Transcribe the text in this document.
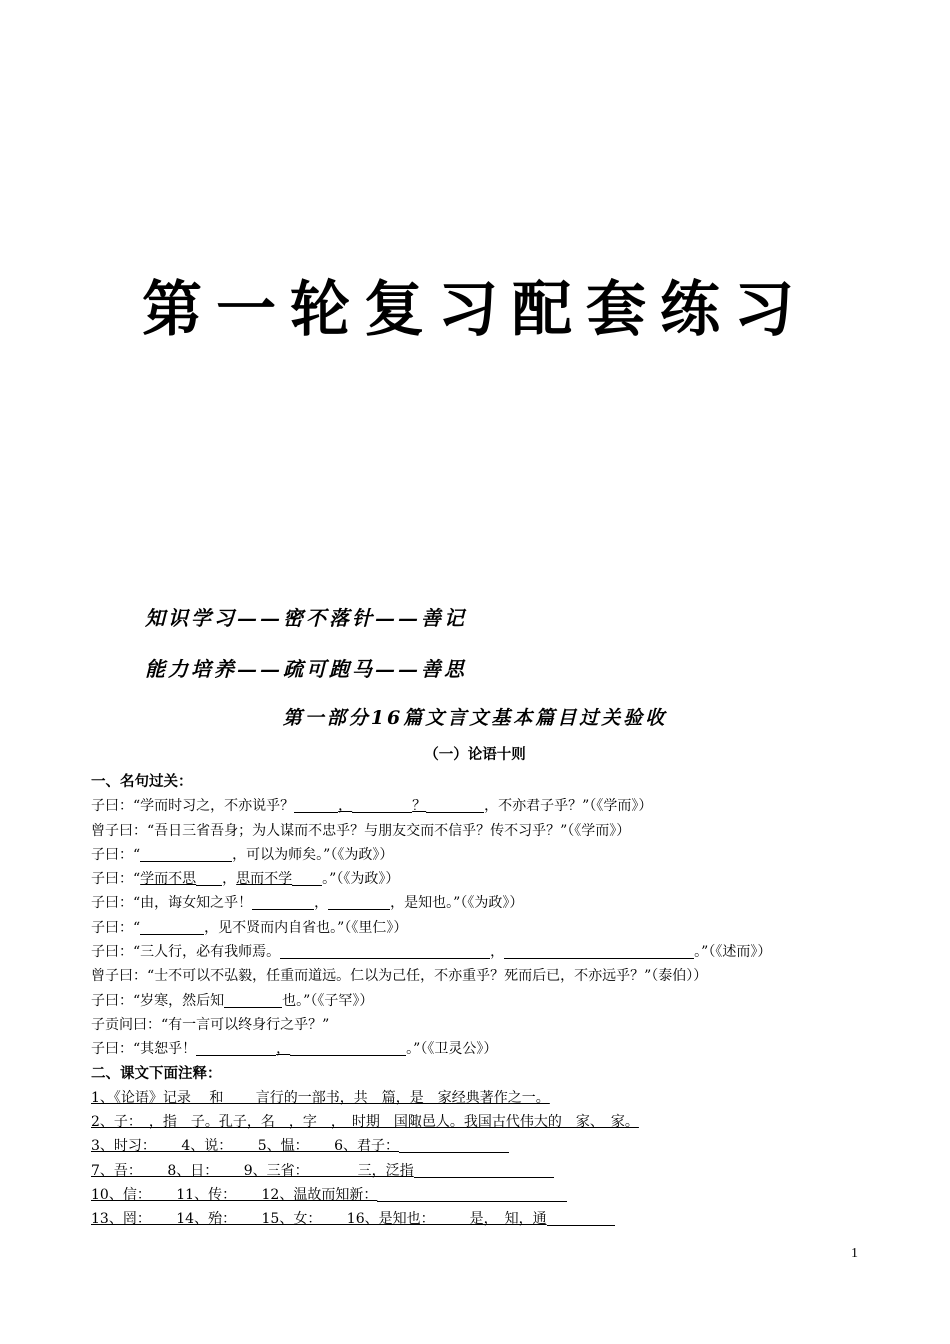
第一轮复习配套练习
知识学习——密不落针——善记
能力培养——疏可跑马——善思
第一部分16篇文言文基本篇目过关验收
（一）论语十则
一、名句过关：
子曰：“学而时习之，不亦说乎？	，	？	，不亦君子乎？”（《学而》）
曾子曰：“吾日三省吾身；为人谋而不忠乎？与朋友交而不信乎？传不习乎？”（《学而》）
子曰：“	，可以为师矣。”（《为政》）
子曰：“学而不思 ，思而不学 。”（《为政》）
子曰：“由，诲女知之乎！	，	，是知也。”（《为政》）
子曰：“	，见不贤而内自省也。”（《里仁》）
子曰：“三人行，必有我师焉。	，	。”（《述而》）
曾子曰：“士不可以不弘毅，任重而道远。仁以为己任，不亦重乎？死而后已，不亦远乎？”（泰伯））
子曰：“岁寒，然后知	也。”（《子罕》）
子贡问曰：“有一言可以终身行之乎？”
子曰：“其恕乎！	，	。”（《卫灵公》）
二、课文下面注释：
1、《论语》记录　 和　　 言行的一部书，共　篇，是　家经典著作之一。
2、子：　，指　子。孔子，名　，字　，　时期　国陬邑人。我国古代伟大的　家、　家。
3、时习：　　 4、说：　　 5、愠：　　 6、君子：
7、吾：　　 8、日：　　 9、三省：　　　　三，泛指
10、信：　　 11、传：　　 12、温故而知新：
13、罔：　　 14、殆：　　 15、女：　　 16、是知也：　　　是，　知，通
1
